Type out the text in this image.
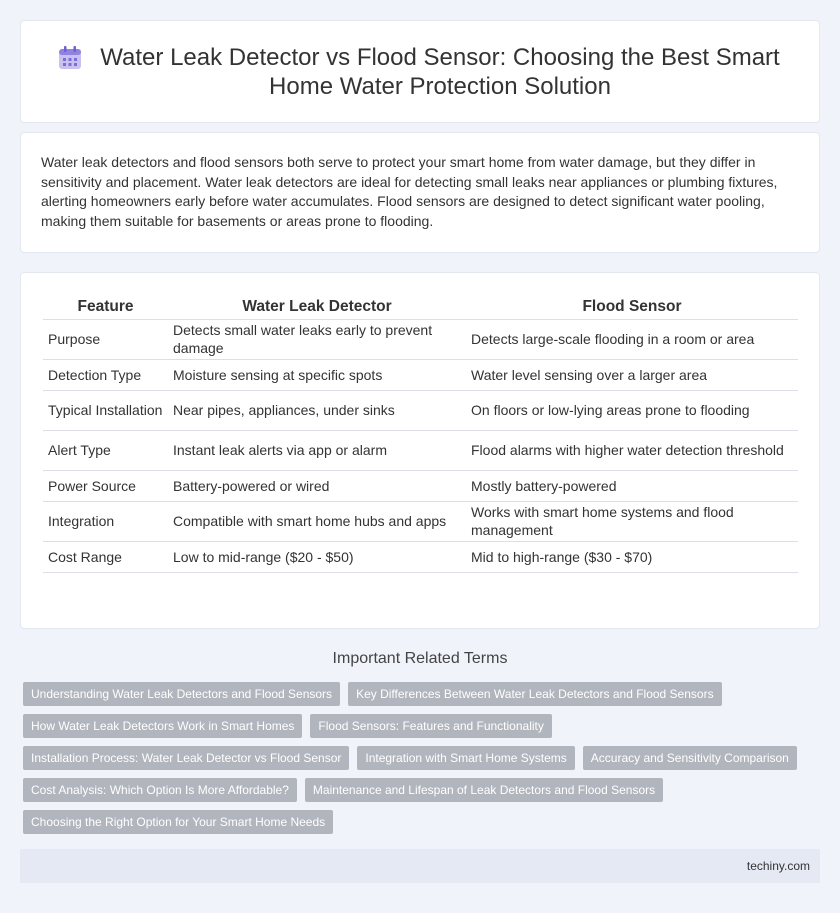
Water Leak Detector vs Flood Sensor: Choosing the Best Smart Home Water Protection Solution

Water leak detectors and flood sensors both serve to protect your smart home from water damage, but they differ in sensitivity and placement. Water leak detectors are ideal for detecting small leaks near appliances or plumbing fixtures, alerting homeowners early before water accumulates. Flood sensors are designed to detect significant water pooling, making them suitable for basements or areas prone to flooding.

Feature	Water Leak Detector	Flood Sensor
Purpose	Detects small water leaks early to prevent damage	Detects large-scale flooding in a room or area
Detection Type	Moisture sensing at specific spots	Water level sensing over a larger area
Typical Installation	Near pipes, appliances, under sinks	On floors or low-lying areas prone to flooding
Alert Type	Instant leak alerts via app or alarm	Flood alarms with higher water detection threshold
Power Source	Battery-powered or wired	Mostly battery-powered
Integration	Compatible with smart home hubs and apps	Works with smart home systems and flood management
Cost Range	Low to mid-range ($20 - $50)	Mid to high-range ($30 - $70)
Important Related Terms
Understanding Water Leak Detectors and Flood Sensors	Key Differences Between Water Leak Detectors and Flood Sensors
How Water Leak Detectors Work in Smart Homes	Flood Sensors: Features and Functionality
Installation Process: Water Leak Detector vs Flood Sensor	Integration with Smart Home Systems	Accuracy and Sensitivity Comparison
Cost Analysis: Which Option Is More Affordable?	Maintenance and Lifespan of Leak Detectors and Flood Sensors
Choosing the Right Option for Your Smart Home Needs
techiny.com
